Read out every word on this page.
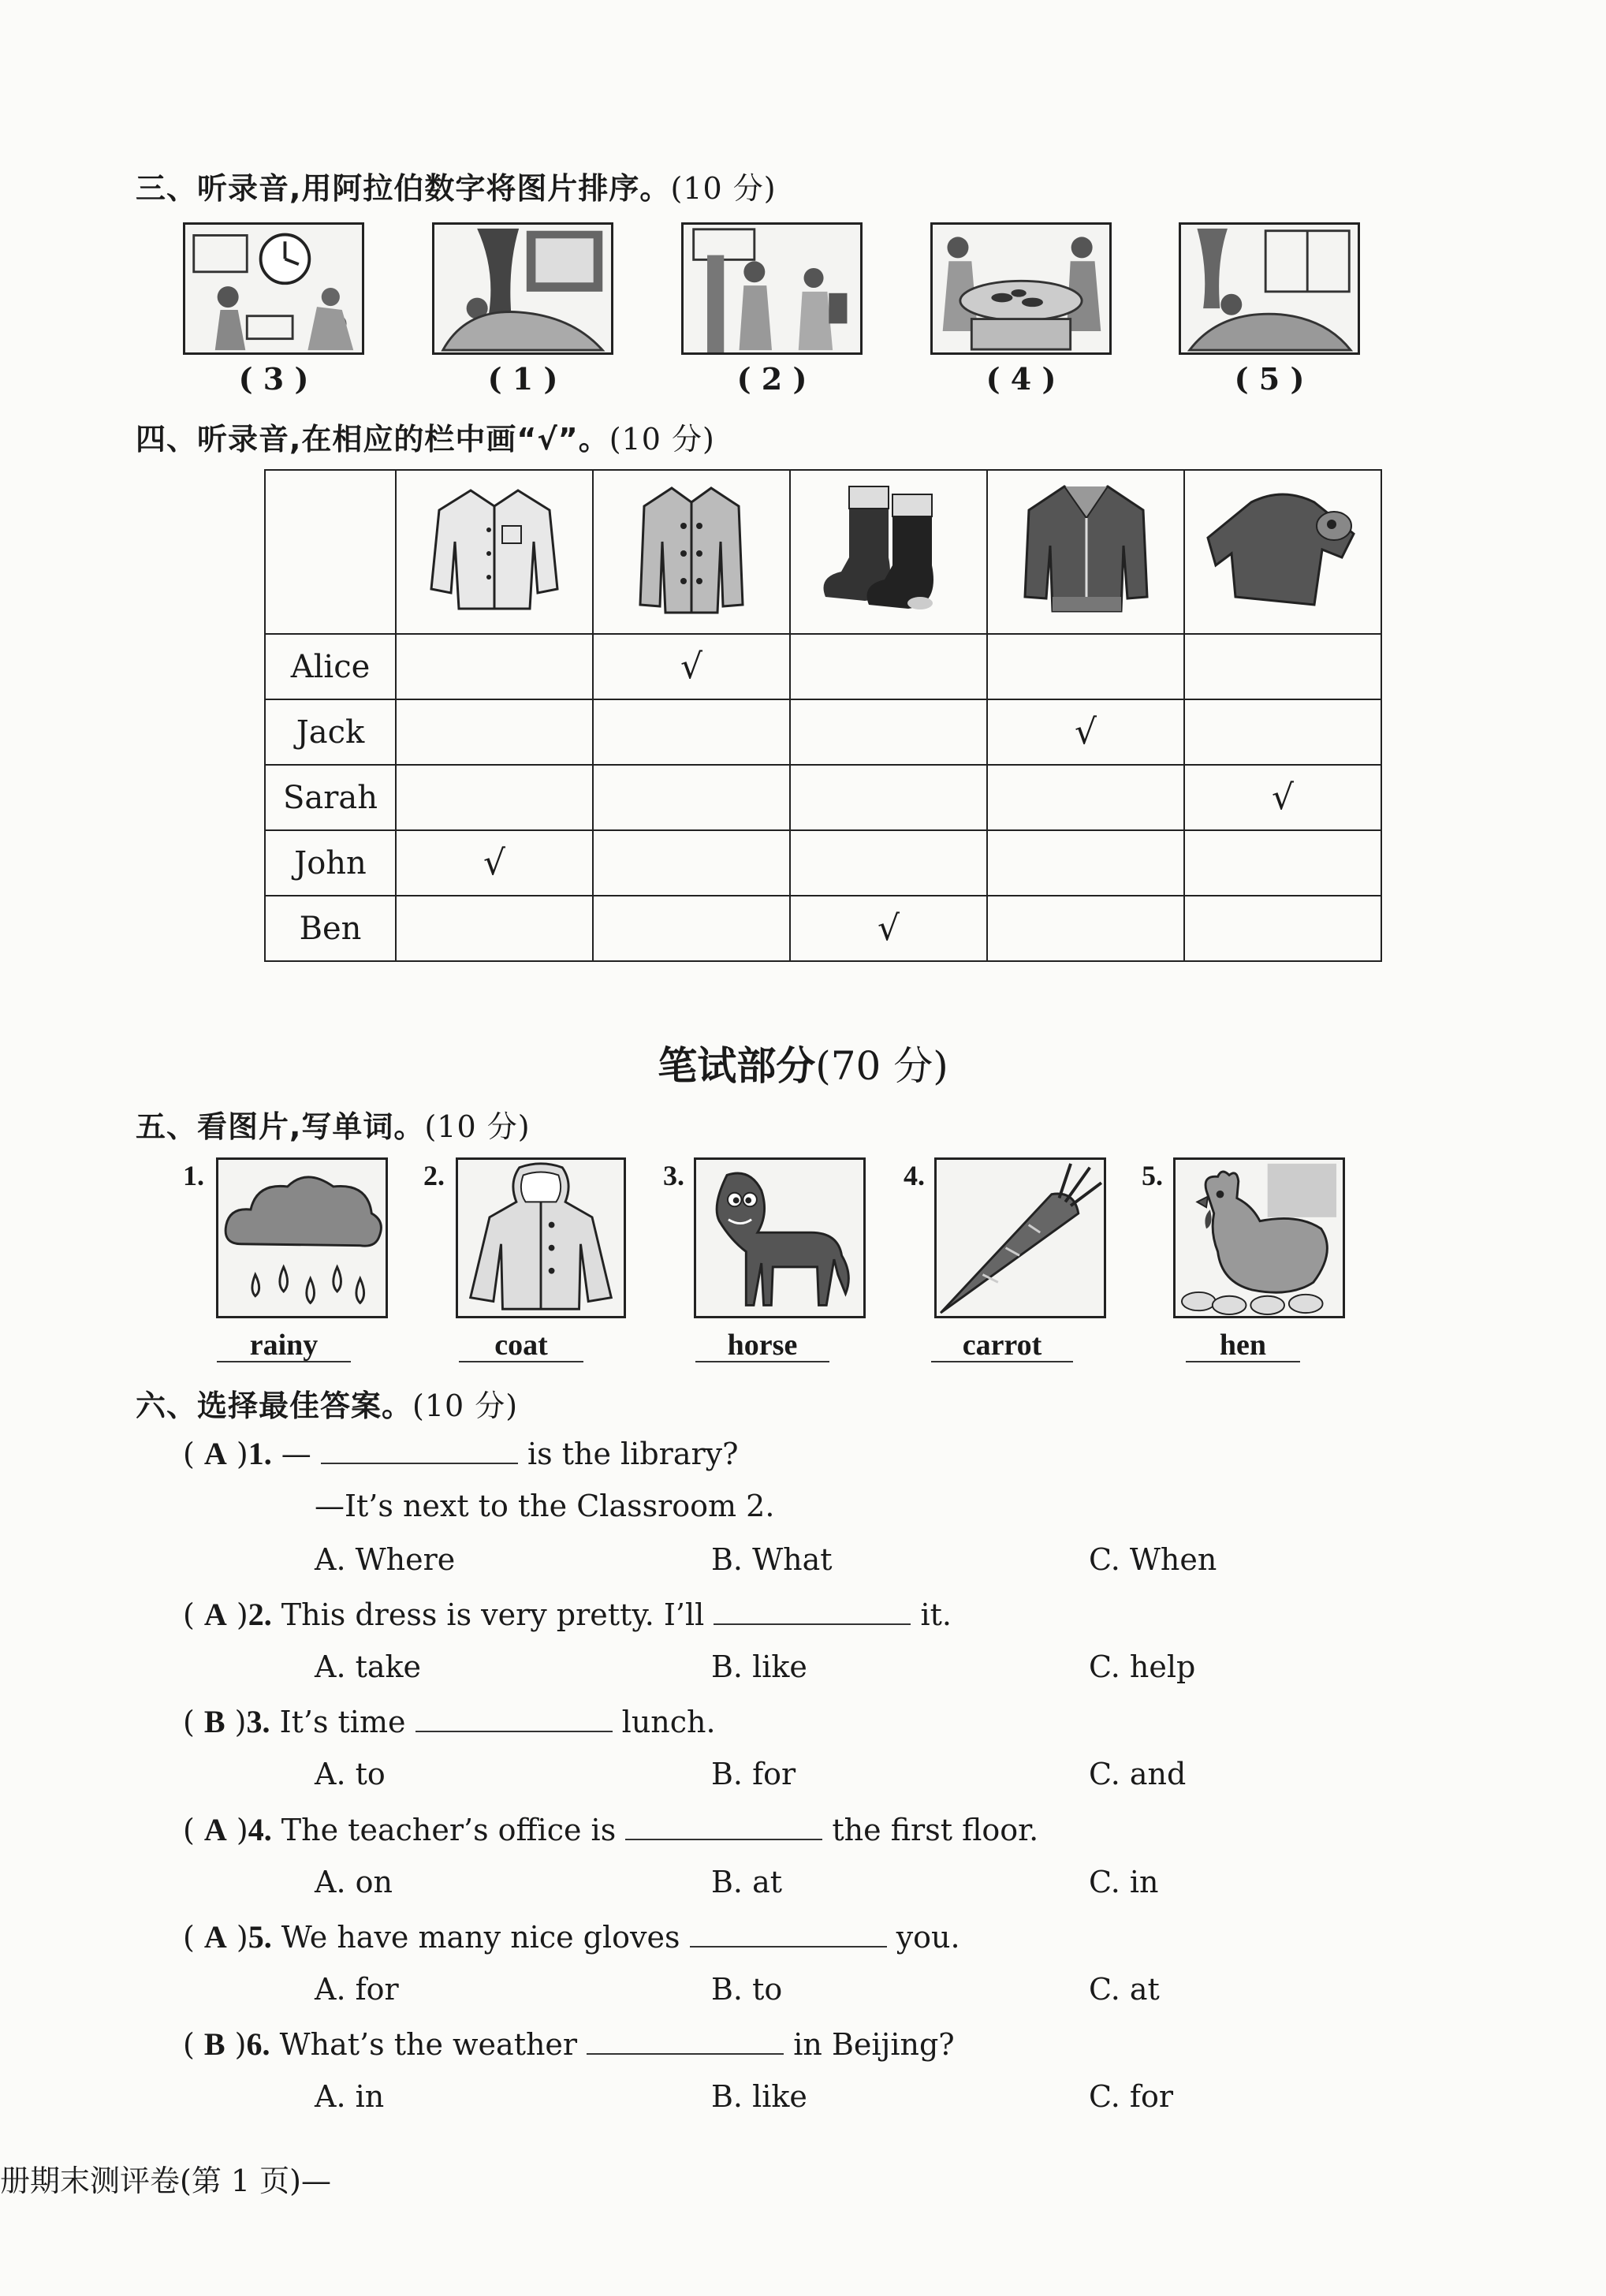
三、听录音,用阿拉伯数字将图片排序。(10 分)
( 3 )	( 1 )	( 2 )	( 4 )	( 5 )
四、听录音,在相应的栏中画“√”。(10 分)

Alice		√			
Jack				√	
Sarah					√
John	√				
Ben			√		
笔试部分(70 分)
五、看图片,写单词。(10 分)
1.
rainy
2.
coat
3.
horse
4.
carrot
5.
hen
六、选择最佳答案。(10 分)
( A )1. —	is the library?
—It’s next to the Classroom 2.
A. Where	B. What	C. When
( A )2. This dress is very pretty. I’ll	it.
A. take	B. like	C. help
( B )3. It’s time	lunch.
A. to	B. for	C. and
( A )4. The teacher’s office is	the first floor.
A. on	B. at	C. in
( A )5. We have many nice gloves	you.
A. for	B. to	C. at
( B )6. What’s the weather	in Beijing?
A. in	B. like	C. for
册期末测评卷(第 1 页)—
